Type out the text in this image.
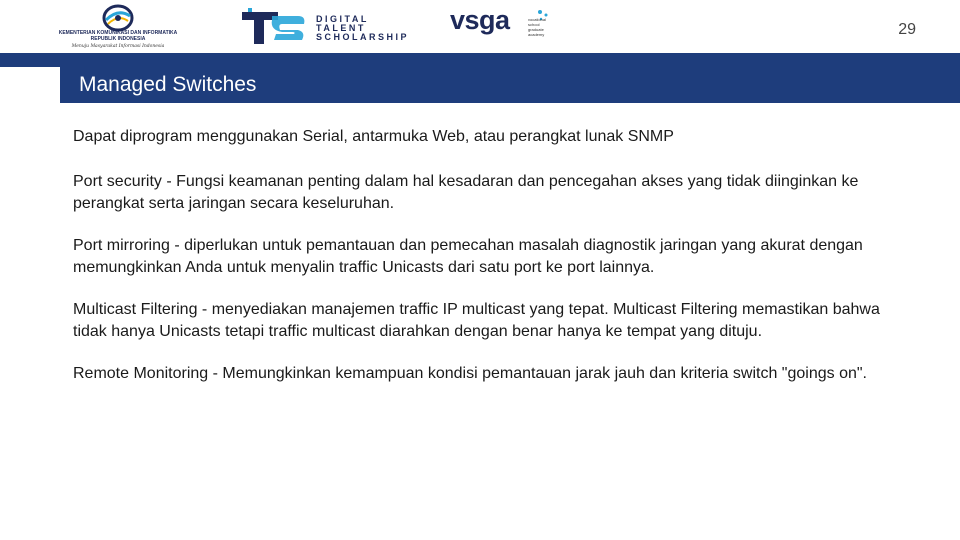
KEMENTERIAN KOMUNIKASI DAN INFORMATIKA
REPUBLIK INDONESIA
Menuju Masyarakat Informasi Indonesia
DIGITAL
TALENT
SCHOLARSHIP
vsga	vocational
school
graduate
academy	29
Managed Switches

Dapat diprogram menggunakan Serial, antarmuka Web, atau perangkat lunak SNMP

Port security - Fungsi keamanan penting dalam hal kesadaran dan pencegahan akses yang tidak diinginkan ke perangkat serta jaringan secara keseluruhan.

Port mirroring - diperlukan untuk pemantauan dan pemecahan masalah diagnostik jaringan yang akurat dengan memungkinkan Anda untuk menyalin traffic Unicasts dari satu port ke port lainnya.

Multicast Filtering - menyediakan manajemen traffic IP multicast yang tepat. Multicast Filtering memastikan bahwa tidak hanya Unicasts tetapi traffic multicast diarahkan dengan benar hanya ke tempat yang dituju.

Remote Monitoring - Memungkinkan kemampuan kondisi pemantauan jarak jauh dan kriteria switch "goings on".
